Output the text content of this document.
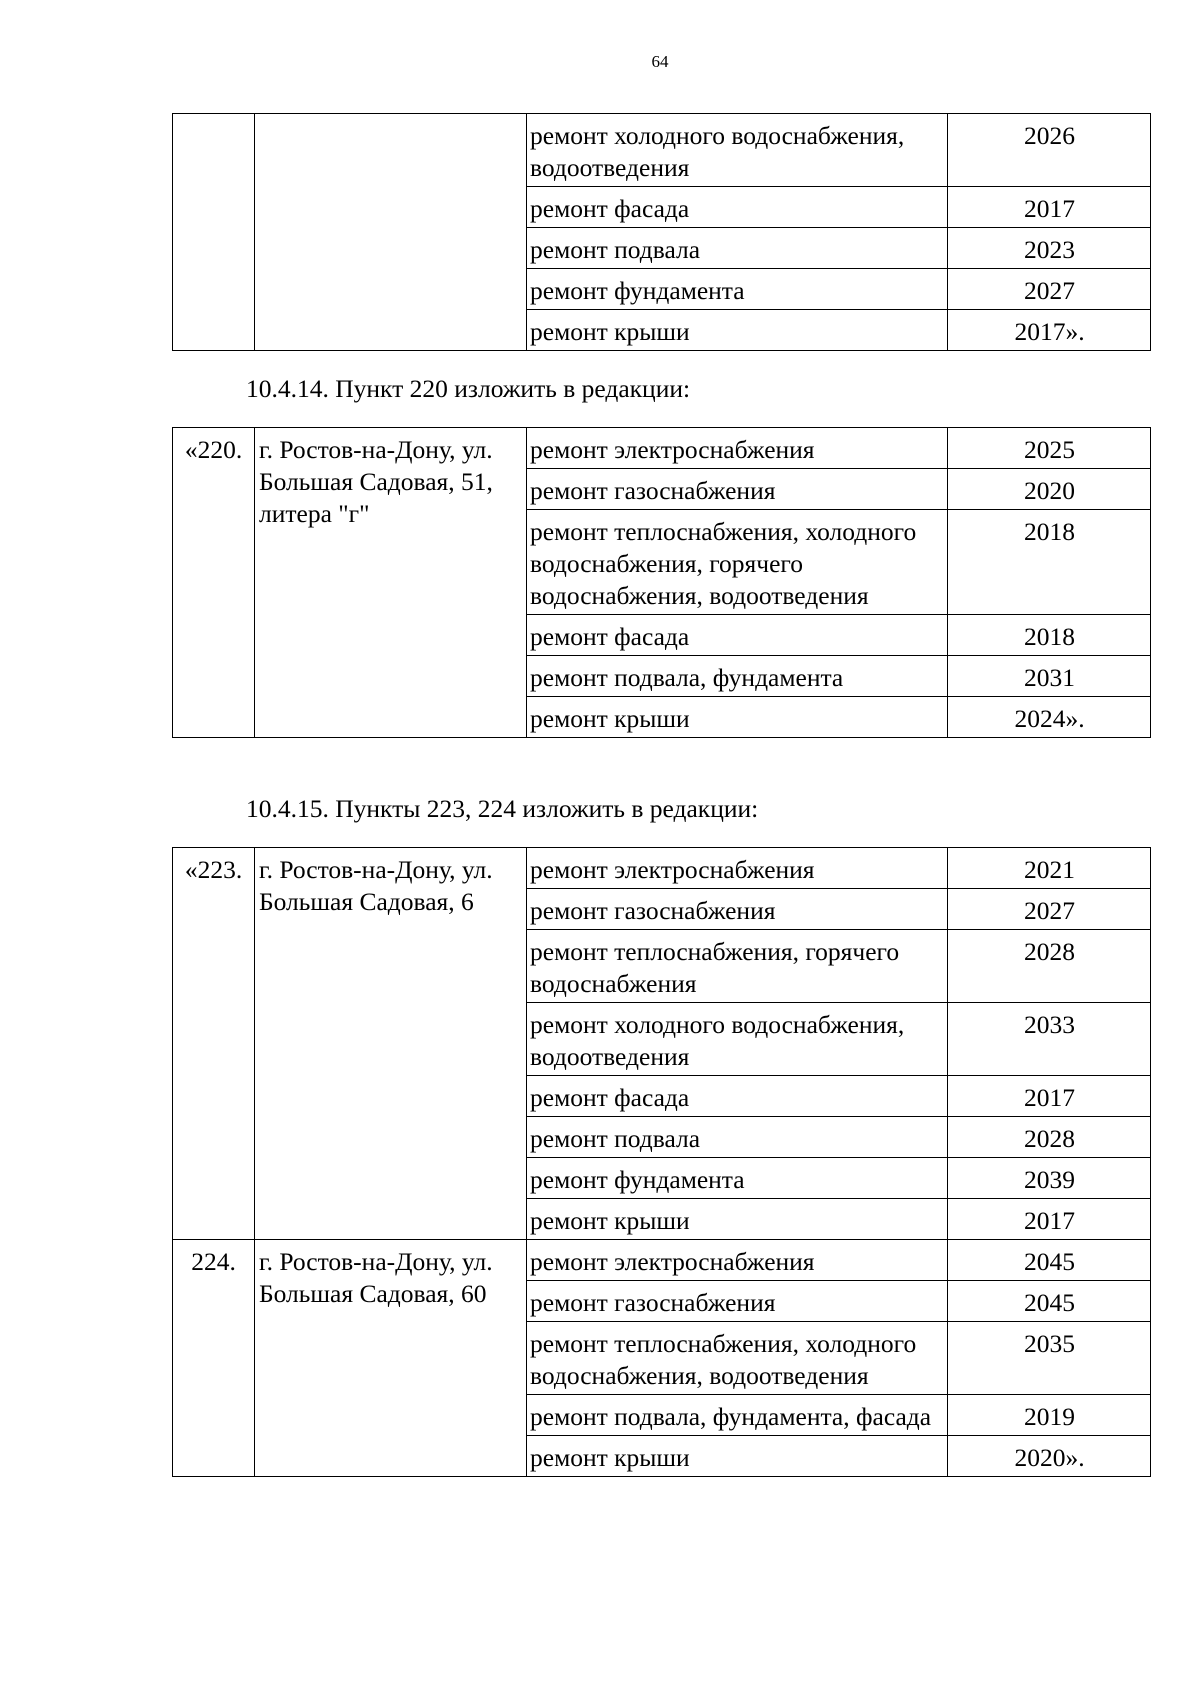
64
		ремонт холодного водоснабжения, водоотведения	2026
		ремонт фасада	2017
		ремонт подвала	2023
		ремонт фундамента	2027
		ремонт крыши	2017».
10.4.14. Пункт 220 изложить в редакции:
«220.	г. Ростов-на-Дону, ул. Большая Садовая, 51, литера "г"	ремонт электроснабжения	2025
		ремонт газоснабжения	2020
		ремонт теплоснабжения, холодного водоснабжения, горячего водоснабжения, водоотведения	2018
		ремонт фасада	2018
		ремонт подвала, фундамента	2031
		ремонт крыши	2024».
10.4.15. Пункты 223, 224 изложить в редакции:
«223.	г. Ростов-на-Дону, ул. Большая Садовая, 6	ремонт электроснабжения	2021
		ремонт газоснабжения	2027
		ремонт теплоснабжения, горячего водоснабжения	2028
		ремонт холодного водоснабжения, водоотведения	2033
		ремонт фасада	2017
		ремонт подвала	2028
		ремонт фундамента	2039
		ремонт крыши	2017
224.	г. Ростов-на-Дону, ул. Большая Садовая, 60	ремонт электроснабжения	2045
		ремонт газоснабжения	2045
		ремонт теплоснабжения, холодного водоснабжения, водоотведения	2035
		ремонт подвала, фундамента, фасада	2019
		ремонт крыши	2020».
